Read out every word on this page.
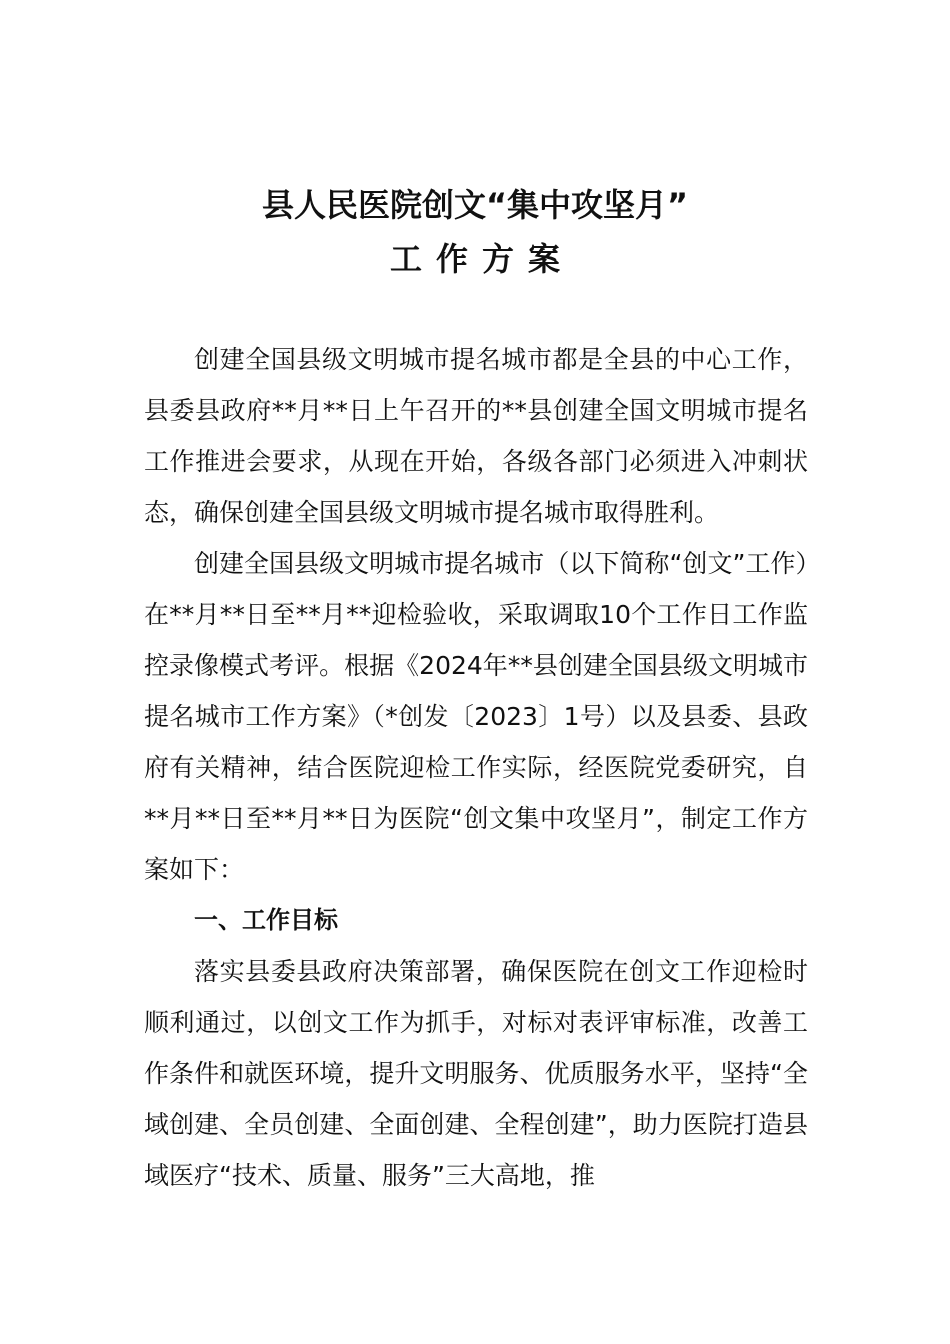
县人民医院创文“集中攻坚月”
工作方案

创建全国县级文明城市提名城市都是全县的中心工作，县委县政府**月**日上午召开的**县创建全国文明城市提名工作推进会要求，从现在开始，各级各部门必须进入冲刺状态，确保创建全国县级文明城市提名城市取得胜利。

创建全国县级文明城市提名城市（以下简称“创文”工作）在**月**日至**月**迎检验收，采取调取10个工作日工作监控录像模式考评。根据《2024年**县创建全国县级文明城市提名城市工作方案》（*创发〔2023〕1号）以及县委、县政府有关精神，结合医院迎检工作实际，经医院党委研究，自**月**日至**月**日为医院“创文集中攻坚月”，制定工作方案如下：

一、工作目标

落实县委县政府决策部署，确保医院在创文工作迎检时顺利通过，以创文工作为抓手，对标对表评审标准，改善工作条件和就医环境，提升文明服务、优质服务水平，坚持“全域创建、全员创建、全面创建、全程创建”，助力医院打造县域医疗“技术、质量、服务”三大高地，推
